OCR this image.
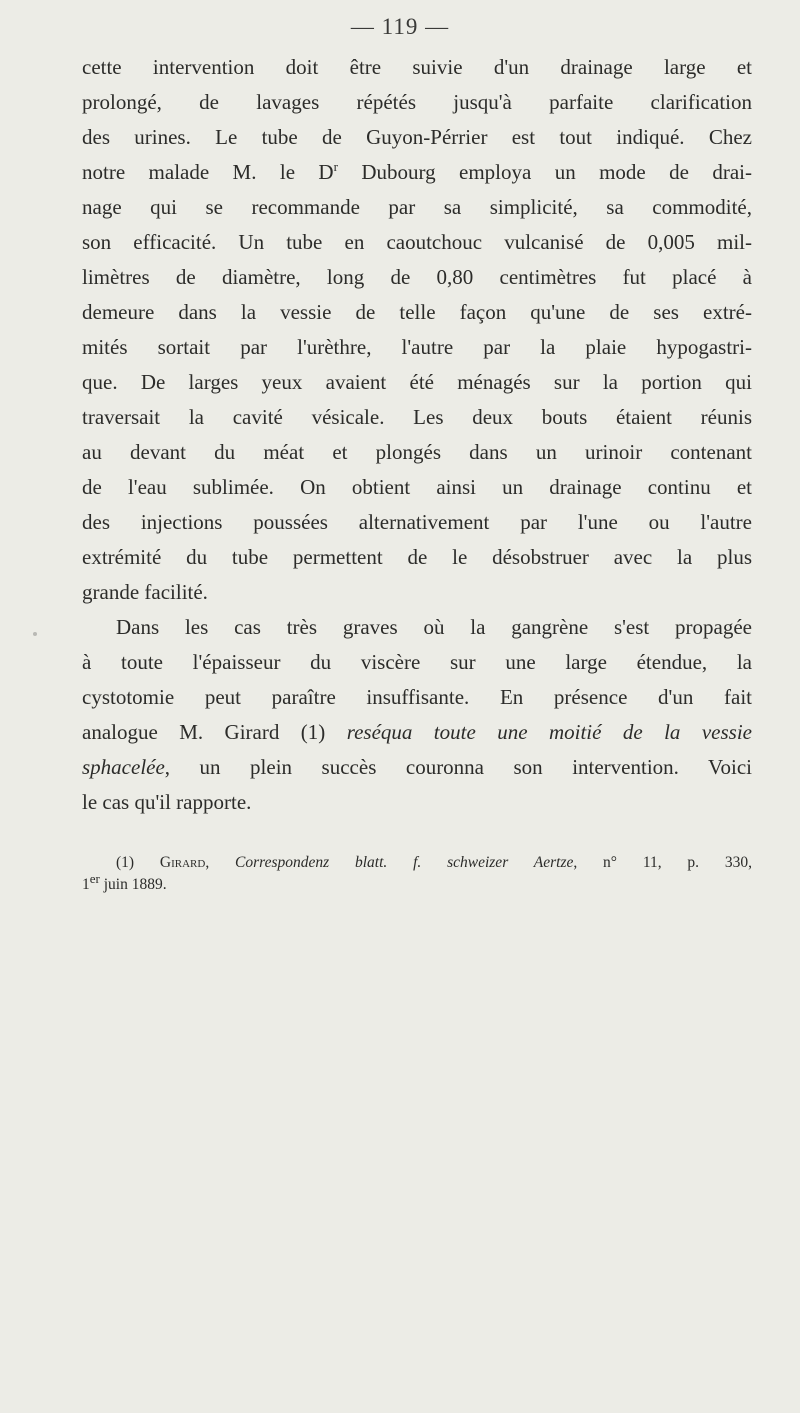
— 119 —
cette intervention doit être suivie d'un drainage large et
prolongé, de lavages répétés jusqu'à parfaite clarification
des urines. Le tube de Guyon-Pérrier est tout indiqué. Chez
notre malade M. le $D^r$ Dubourg employa un mode de drai-
nage qui se recommande par sa simplicité, sa commodité,
son efficacité. Un tube en caoutchouc vulcanisé de 0,005 mil-
limètres de diamètre, long de 0,80 centimètres fut placé à
demeure dans la vessie de telle façon qu'une de ses extré-
mités sortait par l'urèthre, l'autre par la plaie hypogastri-
que. De larges yeux avaient été ménagés sur la portion qui
traversait la cavité vésicale. Les deux bouts étaient réunis
au devant du méat et plongés dans un urinoir contenant
de l'eau sublimée. On obtient ainsi un drainage continu et
des injections poussées alternativement par l'une ou l'autre
extrémité du tube permettent de le désobstruer avec la plus
grande facilité.
Dans les cas très graves où la gangrène s'est propagée
à toute l'épaisseur du viscère sur une large étendue, la
cystotomie peut paraître insuffisante. En présence d'un fait
analogue M. Girard (1) reséqua toute une moitié de la vessie
sphacelée, un plein succès couronna son intervention. Voici
le cas qu'il rapporte.
(1) Girard, Correspondenz blatt. f. schweizer Aertze, n° 11, p. 330,
1er juin 1889.
